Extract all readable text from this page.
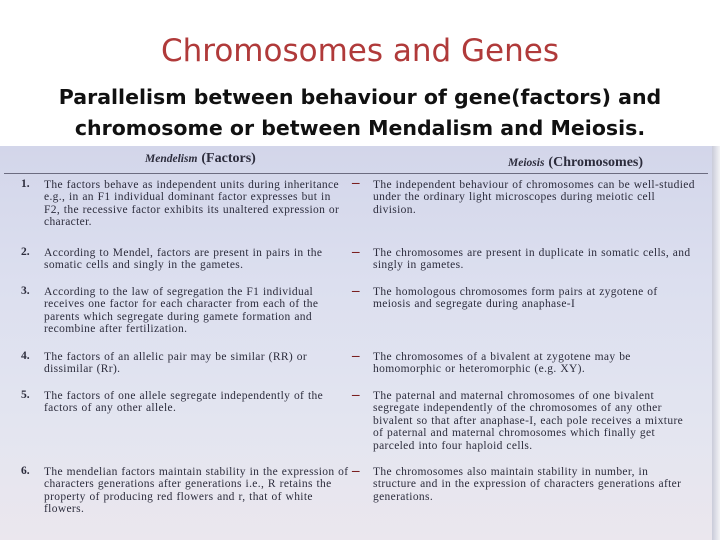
Chromosomes and Genes
Parallelism between behaviour of gene(factors) and
chromosome or between Mendalism and Meiosis.
Mendelism (Factors)	Meiosis (Chromosomes)
1. The factors behave as independent units during inheritance e.g., in an F1 individual dominant factor expresses but in F2, the recessive factor exhibits its unaltered expression or character.
– The independent behaviour of chromosomes can be well-studied under the ordinary light microscopes during meiotic cell division.
2. According to Mendel, factors are present in pairs in the somatic cells and singly in the gametes.
– The chromosomes are present in duplicate in somatic cells, and singly in gametes.
3. According to the law of segregation the F1 individual receives one factor for each character from each of the parents which segregate during gamete formation and recombine after fertilization.
– The homologous chromosomes form pairs at zygotene of meiosis and segregate during anaphase-I
4. The factors of an allelic pair may be similar (RR) or dissimilar (Rr).
– The chromosomes of a bivalent at zygotene may be homomorphic or heteromorphic (e.g. XY).
5. The factors of one allele segregate independently of the factors of any other allele.
– The paternal and maternal chromosomes of one bivalent segregate independently of the chromosomes of any other bivalent so that after anaphase-I, each pole receives a mixture of paternal and maternal chromosomes which finally get parceled into four haploid cells.
6. The mendelian factors maintain stability in the expression of characters generations after generations i.e., R retains the property of producing red flowers and r, that of white flowers.
– The chromosomes also maintain stability in number, in structure and in the expression of characters generations after generations.
